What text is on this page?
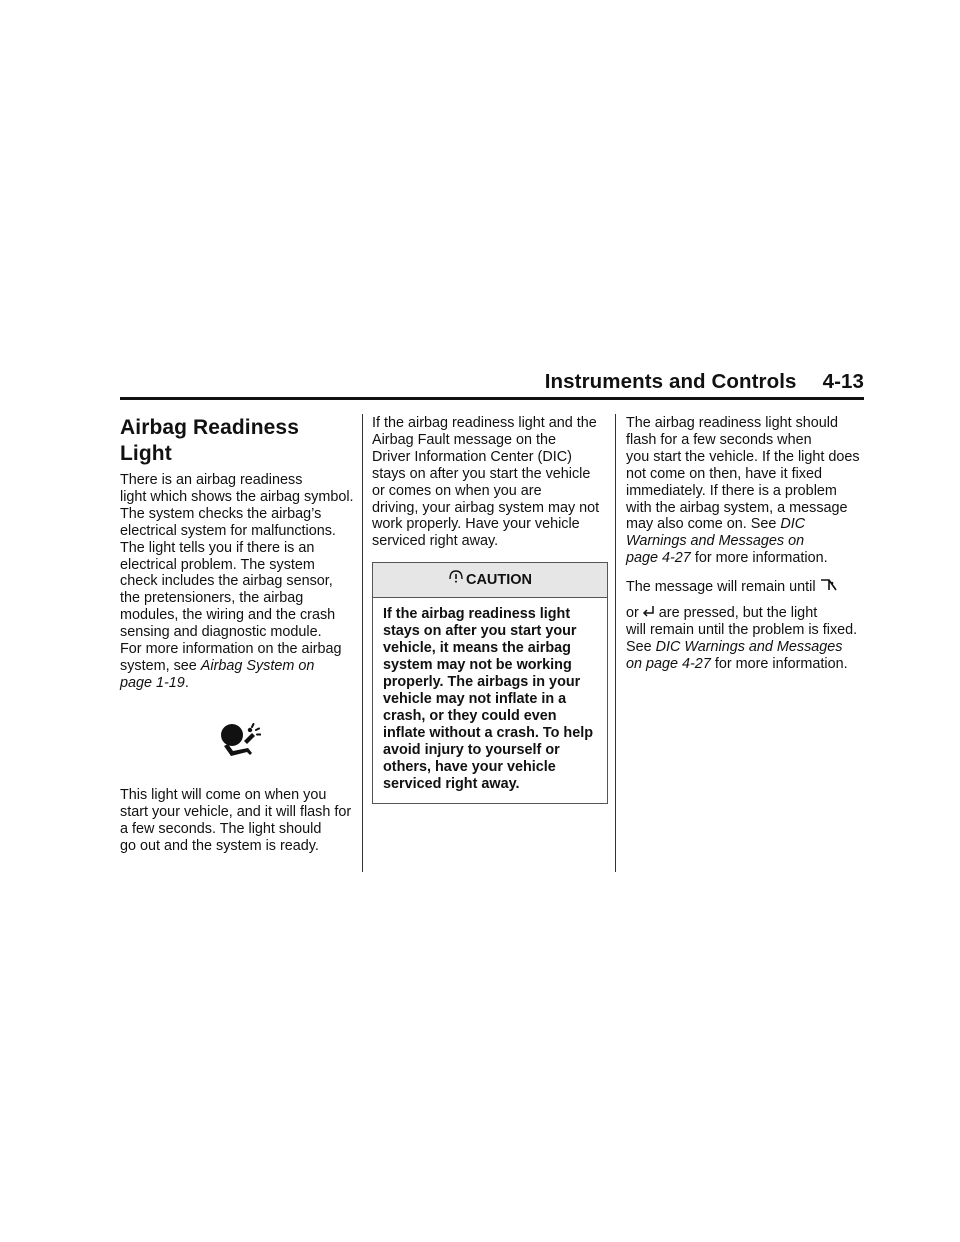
Instruments and Controls 4-13
Airbag Readiness Light

There is an airbag readiness
light which shows the airbag symbol.
The system checks the airbag’s
electrical system for malfunctions.
The light tells you if there is an
electrical problem. The system
check includes the airbag sensor,
the pretensioners, the airbag
modules, the wiring and the crash
sensing and diagnostic module.
For more information on the airbag
system, see Airbag System on
page 1-19.

This light will come on when you
start your vehicle, and it will flash for
a few seconds. The light should
go out and the system is ready.

If the airbag readiness light and the
Airbag Fault message on the
Driver Information Center (DIC)
stays on after you start the vehicle
or comes on when you are
driving, your airbag system may not
work properly. Have your vehicle
serviced right away.

CAUTION
If the airbag readiness light
stays on after you start your
vehicle, it means the airbag
system may not be working
properly. The airbags in your
vehicle may not inflate in a
crash, or they could even
inflate without a crash. To help
avoid injury to yourself or
others, have your vehicle
serviced right away.

The airbag readiness light should
flash for a few seconds when
you start the vehicle. If the light does
not come on then, have it fixed
immediately. If there is a problem
with the airbag system, a message
may also come on. See DIC
Warnings and Messages on
page 4-27 for more information.

The message will remain until
or are pressed, but the light
will remain until the problem is fixed.
See DIC Warnings and Messages
on page 4-27 for more information.
